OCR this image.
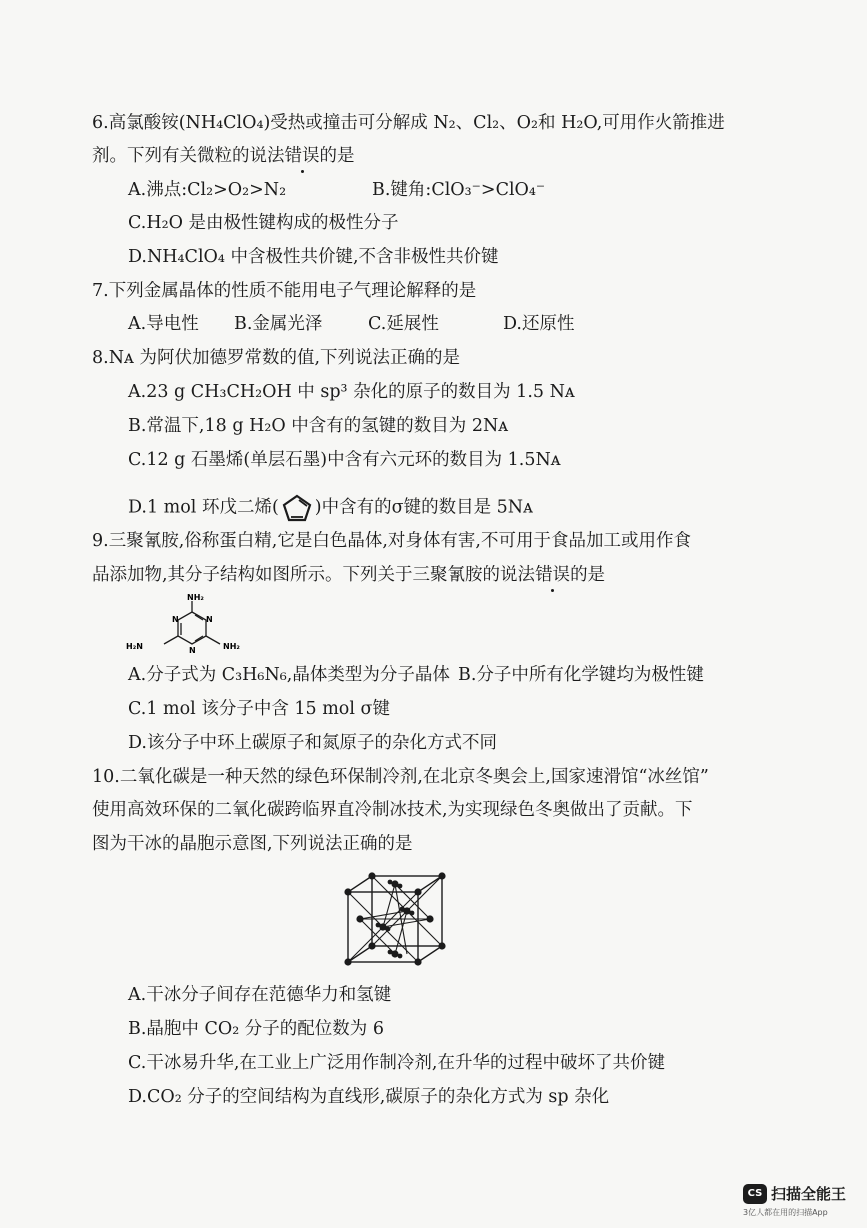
6.高氯酸铵(NH₄ClO₄)受热或撞击可分解成 N₂、Cl₂、O₂和 H₂O,可用作火箭推进
剂。下列有关微粒的说法错误的是
A.沸点:Cl₂>O₂>N₂	B.键角:ClO₃⁻>ClO₄⁻
C.H₂O 是由极性键构成的极性分子
D.NH₄ClO₄ 中含极性共价键,不含非极性共价键
7.下列金属晶体的性质不能用电子气理论解释的是
A.导电性 B.金属光泽	C.延展性	D.还原性
8.Nᴀ 为阿伏加德罗常数的值,下列说法正确的是
A.23 g CH₃CH₂OH 中 sp³ 杂化的原子的数目为 1.5 Nᴀ
B.常温下,18 g H₂O 中含有的氢键的数目为 2Nᴀ
C.12 g 石墨烯(单层石墨)中含有六元环的数目为 1.5Nᴀ
D.1 mol 环戊二烯( )中含有的σ键的数目是 5Nᴀ
9.三聚氰胺,俗称蛋白精,它是白色晶体,对身体有害,不可用于食品加工或用作食
品添加物,其分子结构如图所示。下列关于三聚氰胺的说法错误的是
NH₂
H₂N	NH₂
N	N
N
A.分子式为 C₃H₆N₆,晶体类型为分子晶体 B.分子中所有化学键均为极性键
C.1 mol 该分子中含 15 mol σ键
D.该分子中环上碳原子和氮原子的杂化方式不同
10.二氧化碳是一种天然的绿色环保制冷剂,在北京冬奥会上,国家速滑馆“冰丝馆”
使用高效环保的二氧化碳跨临界直冷制冰技术,为实现绿色冬奥做出了贡献。下
图为干冰的晶胞示意图,下列说法正确的是
A.干冰分子间存在范德华力和氢键
B.晶胞中 CO₂ 分子的配位数为 6
C.干冰易升华,在工业上广泛用作制冷剂,在升华的过程中破坏了共价键
D.CO₂ 分子的空间结构为直线形,碳原子的杂化方式为 sp 杂化
CS 扫描全能王
3亿人都在用的扫描App
